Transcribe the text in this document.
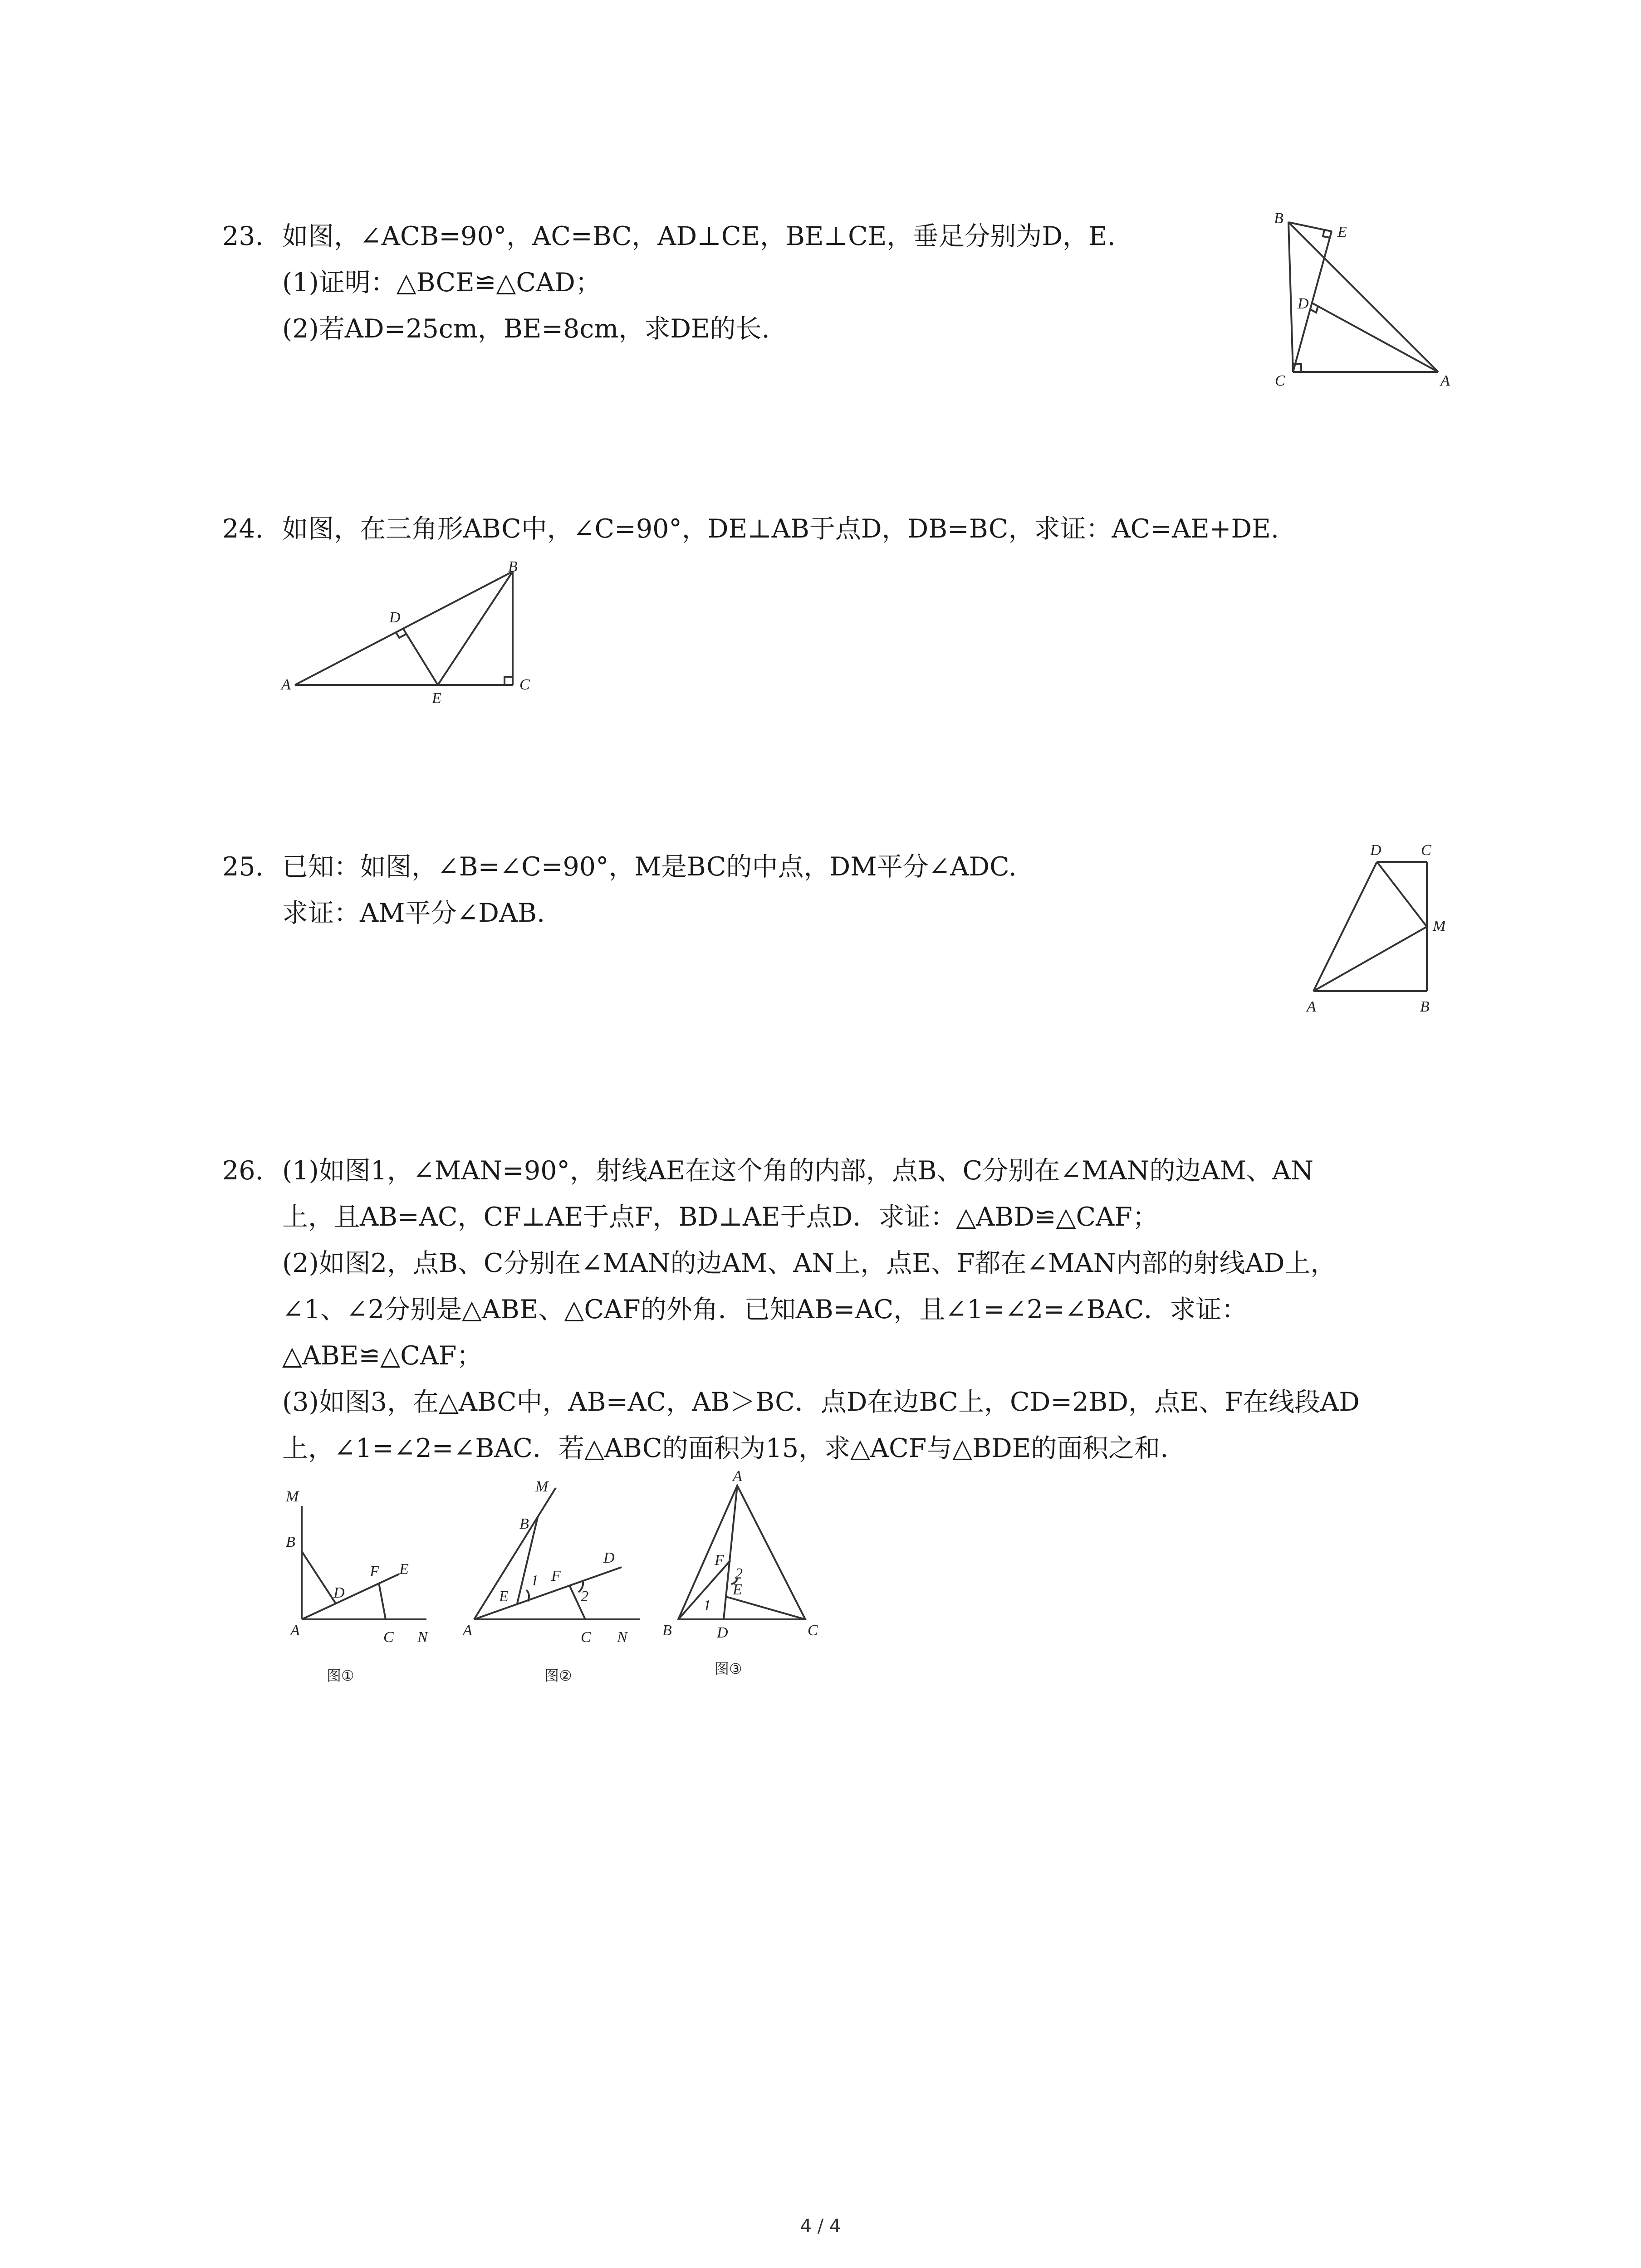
23. 如图，∠ACB=90°，AC=BC，AD⊥CE，BE⊥CE，垂足分别为D，E.
(1)证明：△BCE≌△CAD；
(2)若AD=25cm，BE=8cm，求DE的长.
B
E
D
C	A
24. 如图，在三角形ABC中，∠C=90°，DE⊥AB于点D，DB=BC，求证：AC=AE+DE.
A
B
C
D
E
25. 已知：如图，∠B=∠C=90°，M是BC的中点，DM平分∠ADC.
求证：AM平分∠DAB.
D	C
M
A	B
26. (1)如图1，∠MAN=90°，射线AE在这个角的内部，点B、C分别在∠MAN的边AM、AN
上，且AB=AC，CF⊥AE于点F，BD⊥AE于点D．求证：△ABD≌△CAF；
(2)如图2，点B、C分别在∠MAN的边AM、AN上，点E、F都在∠MAN内部的射线AD上，
∠1、∠2分别是△ABE、△CAF的外角．已知AB=AC，且∠1=∠2=∠BAC．求证：
△ABE≌△CAF；
(3)如图3，在△ABC中，AB=AC，AB＞BC．点D在边BC上，CD=2BD，点E、F在线段AD
上，∠1=∠2=∠BAC．若△ABC的面积为15，求△ACF与△BDE的面积之和.
M
B
F E
D
A	C N
图①
M
B
D
F
E
1
2
A	C N
图②
A
F
2
E
1
B	D	C
图③
4 / 4
